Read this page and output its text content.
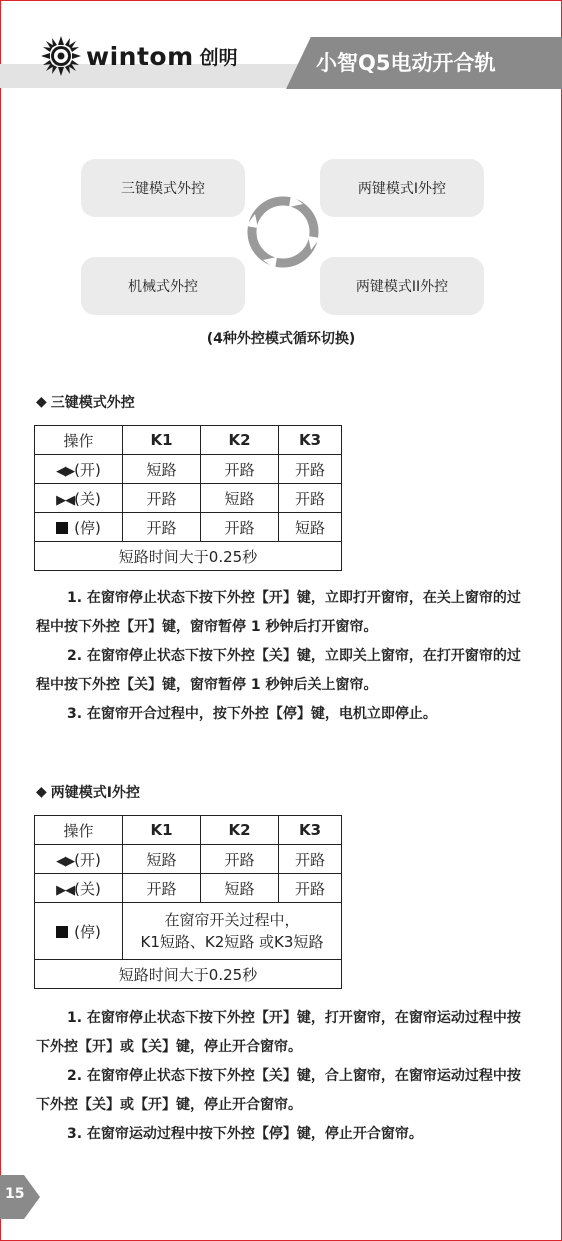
小智Q5电动开合轨
wintom 创明
三键模式外控	两键模式I外控
机械式外控	两键模式II外控
(4种外控模式循环切换)
◆ 三键模式外控
操作	K1	K2	K3
◀▶(开)	短路	开路	开路
▶◀(关)	开路	短路	开路
(停)	开路	开路	短路
短路时间大于0.25秒			

1. 在窗帘停止状态下按下外控【开】键，立即打开窗帘，在关上窗帘的过程中按下外控【开】键，窗帘暂停 1 秒钟后打开窗帘。

2. 在窗帘停止状态下按下外控【关】键，立即关上窗帘，在打开窗帘的过程中按下外控【关】键，窗帘暂停 1 秒钟后关上窗帘。

3. 在窗帘开合过程中，按下外控【停】键，电机立即停止。

◆ 两键模式I外控
操作	K1	K2	K3
◀▶(开)	短路	开路	开路
▶◀(关)	开路	短路	开路
(停)	在窗帘开关过程中，
K1短路、K2短路 或K3短路		

短路时间大于0.25秒			

1. 在窗帘停止状态下按下外控【开】键，打开窗帘，在窗帘运动过程中按下外控【开】或【关】键，停止开合窗帘。

2. 在窗帘停止状态下按下外控【关】键，合上窗帘，在窗帘运动过程中按下外控【关】或【开】键，停止开合窗帘。

3. 在窗帘运动过程中按下外控【停】键，停止开合窗帘。

15
